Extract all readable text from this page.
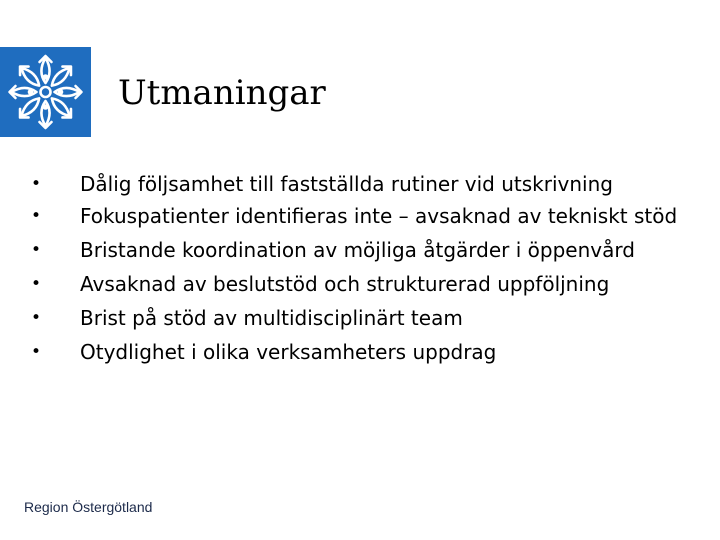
Utmaningar
• Dålig följsamhet till fastställda rutiner vid utskrivning
• Fokuspatienter identifieras inte – avsaknad av tekniskt stöd
• Bristande koordination av möjliga åtgärder i öppenvård
• Avsaknad av beslutstöd och strukturerad uppföljning
• Brist på stöd av multidisciplinärt team
• Otydlighet i olika verksamheters uppdrag
Region Östergötland
